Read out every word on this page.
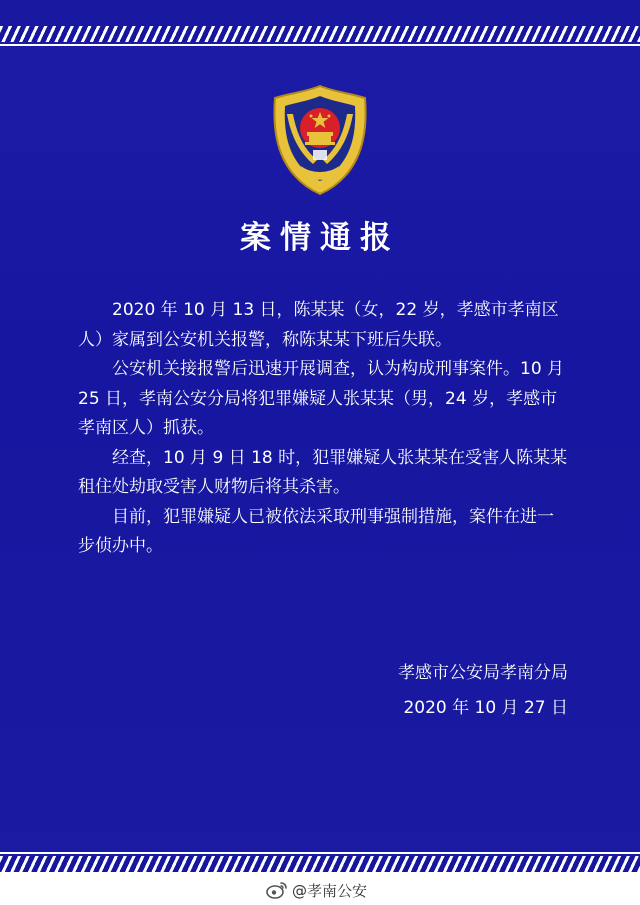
案情通报

2020 年 10 月 13 日，陈某某（女，22 岁，孝感市孝南区人）家属到公安机关报警，称陈某某下班后失联。

公安机关接报警后迅速开展调查，认为构成刑事案件。10 月 25 日，孝南公安分局将犯罪嫌疑人张某某（男，24 岁，孝感市孝南区人）抓获。

经查，10 月 9 日 18 时，犯罪嫌疑人张某某在受害人陈某某租住处劫取受害人财物后将其杀害。

目前，犯罪嫌疑人已被依法采取刑事强制措施，案件在进一步侦办中。

孝感市公安局孝南分局
2020 年 10 月 27 日
@孝南公安
